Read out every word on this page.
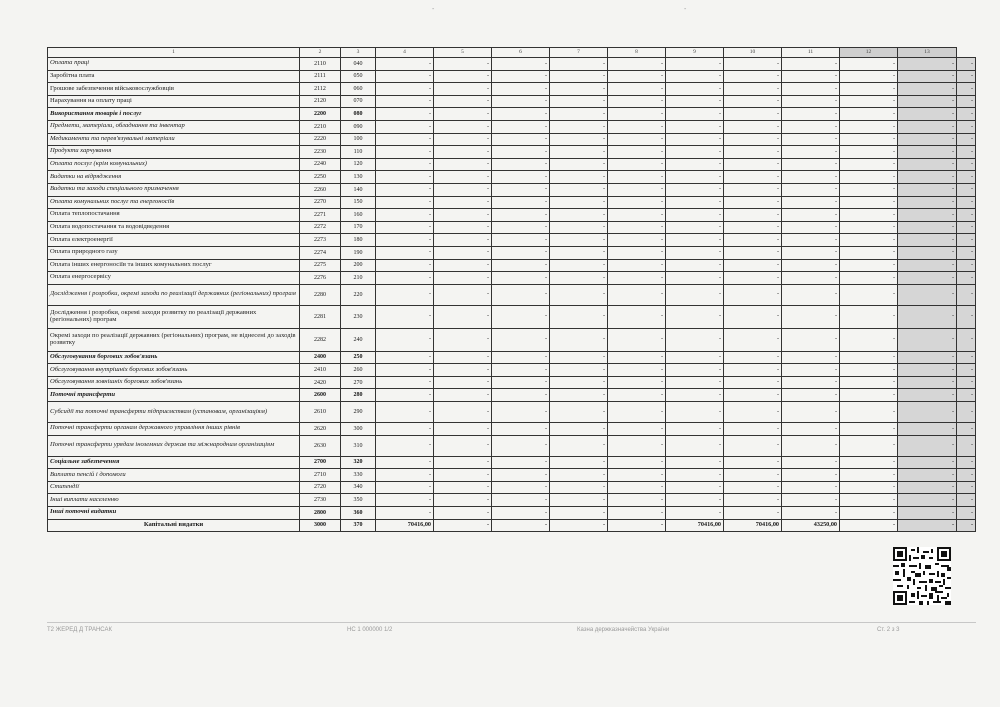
-	-
1	2	3	4	5	6	7	8	9	10	11	12	13	
Оплата праці	2110	040	-	-	-	-	-	-	-	-	-	-	-
Заробітна плата	2111	050	-	-	-	-	-	-	-	-	-	-	-
Грошове забезпечення військовослужбовців	2112	060	-	-	-	-	-	-	-	-	-	-	-
Нарахування на оплату праці	2120	070	-	-	-	-	-	-	-	-	-	-	-
Використання товарів і послуг	2200	080	-	-	-	-	-	-	-	-	-	-	-
Предмети, матеріали, обладнання та інвентар	2210	090	-	-	-	-	-	-	-	-	-	-	-
Медикаменти та перев'язувальні матеріали	2220	100	-	-	-	-	-	-	-	-	-	-	-
Продукти харчування	2230	110	-	-	-	-	-	-	-	-	-	-	-
Оплата послуг (крім комунальних)	2240	120	-	-	-	-	-	-	-	-	-	-	-
Видатки на відрядження	2250	130	-	-	-	-	-	-	-	-	-	-	-
Видатки та заходи спеціального призначення	2260	140	-	-	-	-	-	-	-	-	-	-	-
Оплата комунальних послуг та енергоносіїв	2270	150	-	-	-	-	-	-	-	-	-	-	-
Оплата теплопостачання	2271	160	-	-	-	-	-	-	-	-	-	-	-
Оплата водопостачання та водовідведення	2272	170	-	-	-	-	-	-	-	-	-	-	-
Оплата електроенергії	2273	180	-	-	-	-	-	-	-	-	-	-	-
Оплата природного газу	2274	190	-	-	-	-	-	-	-	-	-	-	-
Оплата інших енергоносіїв та інших комунальних послуг	2275	200	-	-	-	-	-	-	-	-	-	-	-
Оплата енергосервісу	2276	210	-	-	-	-	-	-	-	-	-	-	-
Дослідження і розробки, окремі заходи по реалізації державних (регіональних) програм	2280	220	-	-	-	-	-	-	-	-	-	-	-
Дослідження і розробки, окремі заходи розвитку по реалізації державних (регіональних) програм	2281	230	-	-	-	-	-	-	-	-	-	-	-
Окремі заходи по реалізації державних (регіональних) програм, не віднесені до заходів розвитку	2282	240	-	-	-	-	-	-	-	-	-	-	-
Обслуговування боргових зобов'язань	2400	250	-	-	-	-	-	-	-	-	-	-	-
Обслуговування внутрішніх боргових зобов'язань	2410	260	-	-	-	-	-	-	-	-	-	-	-
Обслуговування зовнішніх боргових зобов'язань	2420	270	-	-	-	-	-	-	-	-	-	-	-
Поточні трансферти	2600	280	-	-	-	-	-	-	-	-	-	-	-
Субсидії та поточні трансферти підприємствам (установам, організаціям)	2610	290	-	-	-	-	-	-	-	-	-	-	-
Поточні трансферти органам державного управління інших рівнів	2620	300	-	-	-	-	-	-	-	-	-	-	-
Поточні трансферти урядам іноземних держав та міжнародним організаціям	2630	310	-	-	-	-	-	-	-	-	-	-	-
Соціальне забезпечення	2700	320	-	-	-	-	-	-	-	-	-	-	-
Виплата пенсій і допомоги	2710	330	-	-	-	-	-	-	-	-	-	-	-
Стипендії	2720	340	-	-	-	-	-	-	-	-	-	-	-
Інші виплати населенню	2730	350	-	-	-	-	-	-	-	-	-	-	-
Інші поточні видатки	2800	360	-	-	-	-	-	-	-	-	-	-	-
Капітальні видатки	3000	370	70416,00	-	-	-	-	70416,00	70416,00	43250,00	-	-	-
Т2 ЖЕРЕД Д ТРАНСАК	НС 1 000000 1/2	Казна держказначейства України	Ст. 2 з 3
